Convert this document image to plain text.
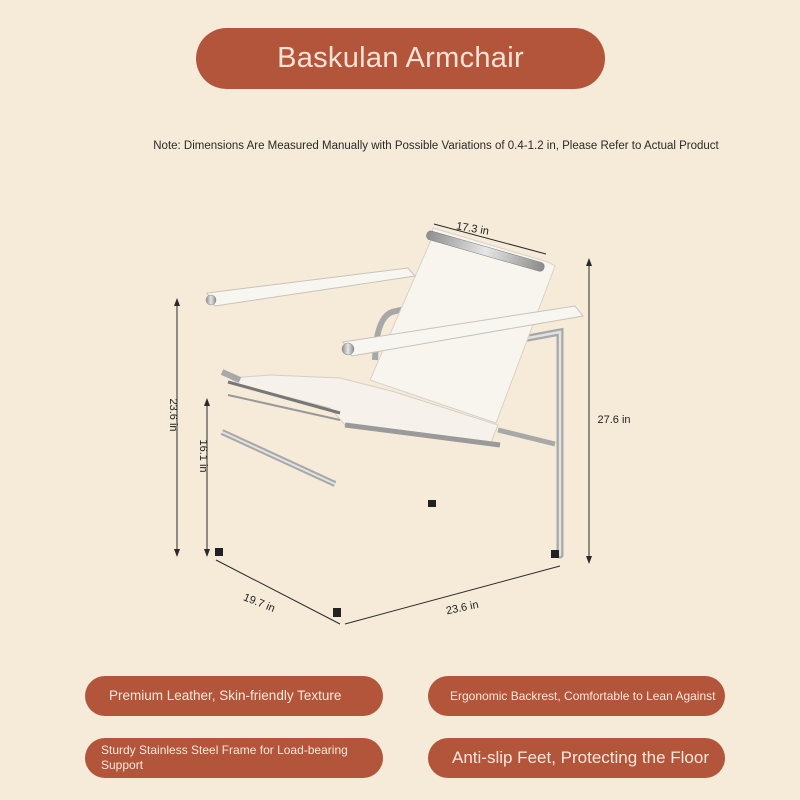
Baskulan Armchair
Note: Dimensions Are Measured Manually with Possible Variations of 0.4-1.2 in, Please Refer to Actual Product
17.3 in
27.6 in
23.6 in
16.1 in
19.7 in	23.6 in
Premium Leather, Skin-friendly Texture	Ergonomic Backrest, Comfortable to Lean Against
Sturdy Stainless Steel Frame for Load-bearing Support	Anti-slip Feet, Protecting the Floor
